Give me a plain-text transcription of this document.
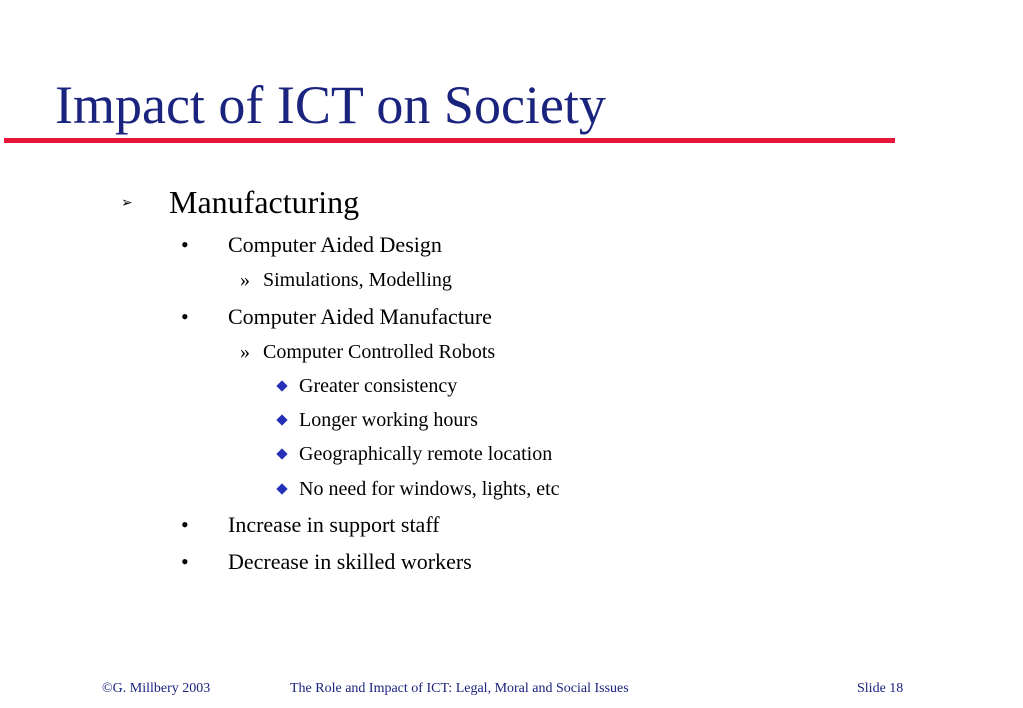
Impact of ICT on Society
➢ Manufacturing
• Computer Aided Design
» Simulations, Modelling
• Computer Aided Manufacture
» Computer Controlled Robots
Greater consistency
Longer working hours
Geographically remote location
No need for windows, lights, etc
• Increase in support staff
• Decrease in skilled workers
©G. Millbery 2003	The Role and Impact of ICT: Legal, Moral and Social Issues	Slide 18
